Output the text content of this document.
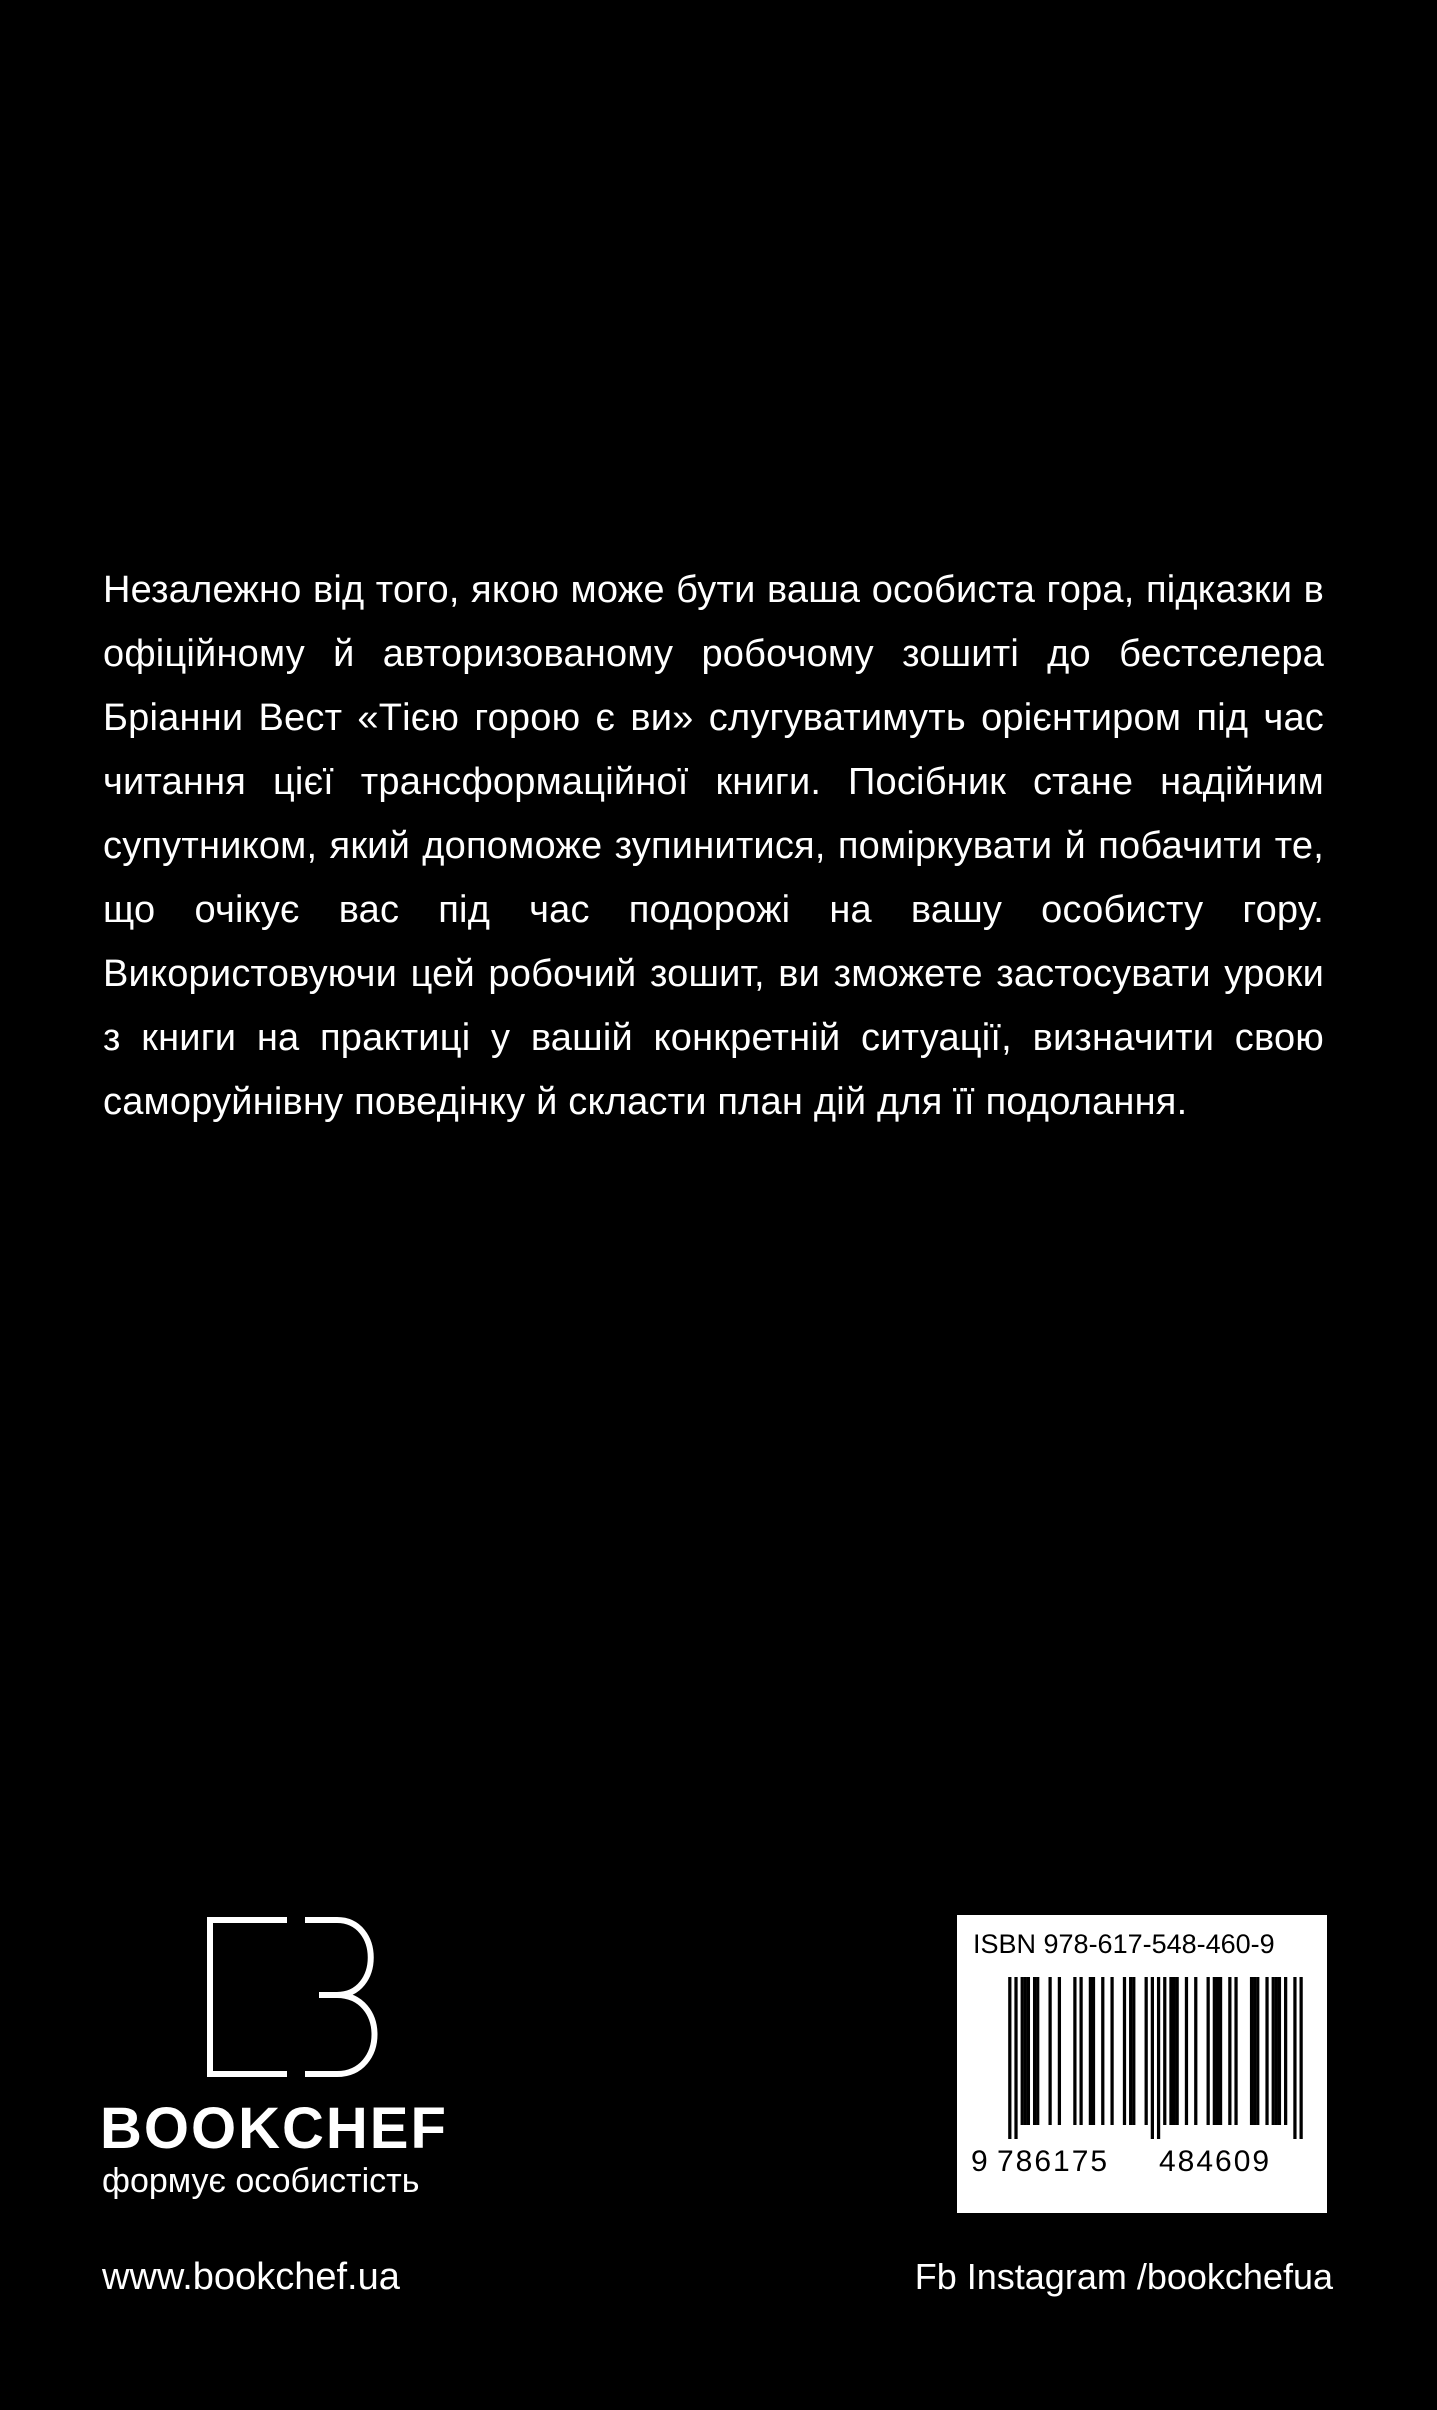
Незалежно від того, якою може бути ваша особиста гора, підказки в офіційному й авторизованому робочому зошиті до бестселера Бріанни Вест «Тією горою є ви» слугуватимуть орієнтиром під час читання цієї трансформаційної книги. Посібник стане надійним супутником, який допоможе зупинитися, поміркувати й побачити те, що очікує вас під час подорожі на вашу особисту гору. Використовуючи цей робочий зошит, ви зможете застосувати уроки з книги на практиці у вашій конкретній ситуації, визначити свою саморуйнівну поведінку й скласти план дій для її подолання.
BOOKCHEF
формує особистість
ISBN 978-617-548-460-9
9 786175 484609
www.bookchef.ua	Fb Instagram /bookchefua
